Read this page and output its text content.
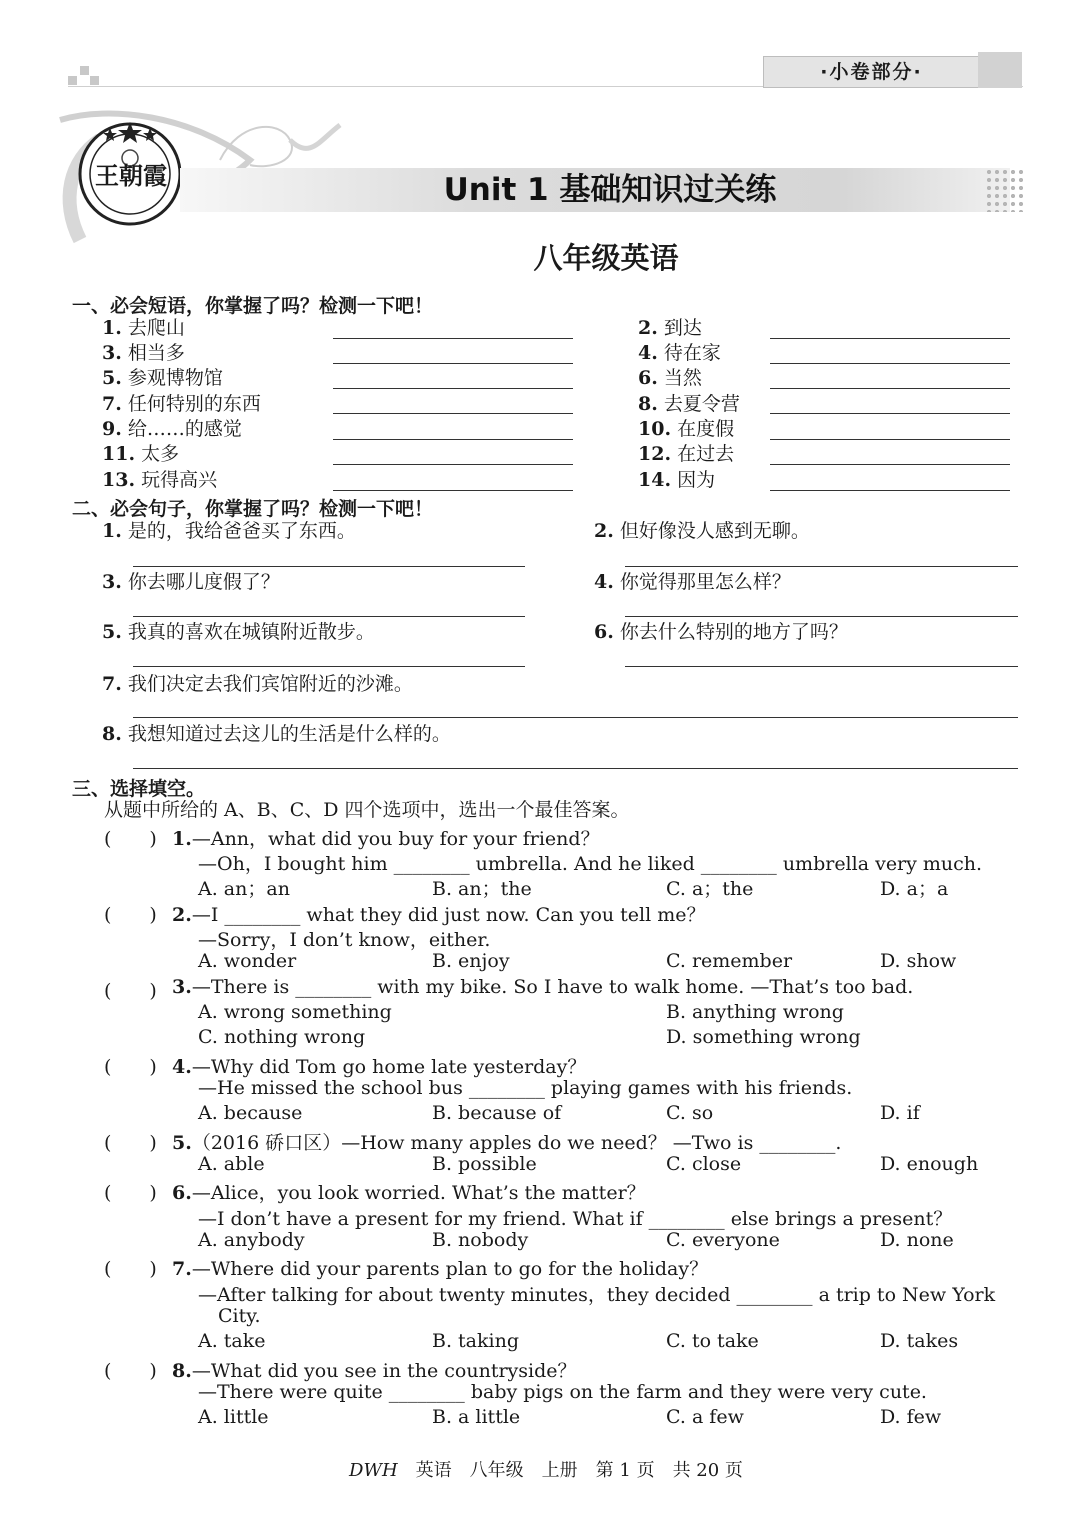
·小卷部分·
王朝霞	Unit 1 基础知识过关练
八年级英语
一、必会短语，你掌握了吗？检测一下吧！
1. 去爬山	2. 到达
3. 相当多	4. 待在家
5. 参观博物馆	6. 当然
7. 任何特别的东西	8. 去夏令营
9. 给……的感觉	10. 在度假
11. 太多	12. 在过去
13. 玩得高兴	14. 因为
二、必会句子，你掌握了吗？检测一下吧！
1. 是的，我给爸爸买了东西。	2. 但好像没人感到无聊。
3. 你去哪儿度假了？	4. 你觉得那里怎么样？
5. 我真的喜欢在城镇附近散步。	6. 你去什么特别的地方了吗？
7. 我们决定去我们宾馆附近的沙滩。
8. 我想知道过去这儿的生活是什么样的。
三、选择填空。
从题中所给的 A、B、C、D 四个选项中，选出一个最佳答案。
(　　) 1.—Ann，what did you buy for your friend？
—Oh，I bought him ________ umbrella. And he liked ________ umbrella very much.
A. an；an	B. an；the	C. a；the	D. a；a
(　　) 2.—I ________ what they did just now. Can you tell me？
—Sorry，I don’t know，either.
A. wonder	B. enjoy	C. remember	D. show
(　　) 3.—There is ________ with my bike. So I have to walk home. —That’s too bad.
A. wrong something	B. anything wrong
C. nothing wrong	D. something wrong
(　　) 4.—Why did Tom go home late yesterday？
—He missed the school bus ________ playing games with his friends.
A. because	B. because of	C. so	D. if
(　　) 5.（2016 硚口区）—How many apples do we need？ —Two is ________.
A. able	B. possible	C. close	D. enough
(　　) 6.—Alice，you look worried. What’s the matter？
—I don’t have a present for my friend. What if ________ else brings a present？
A. anybody	B. nobody	C. everyone	D. none
(　　) 7.—Where did your parents plan to go for the holiday？
—After talking for about twenty minutes，they decided ________ a trip to New York
City.
A. take	B. taking	C. to take	D. takes
(　　) 8.—What did you see in the countryside？
—There were quite ________ baby pigs on the farm and they were very cute.
A. little	B. a little	C. a few	D. few
DWH　英语　八年级　上册　第 1 页　共 20 页
